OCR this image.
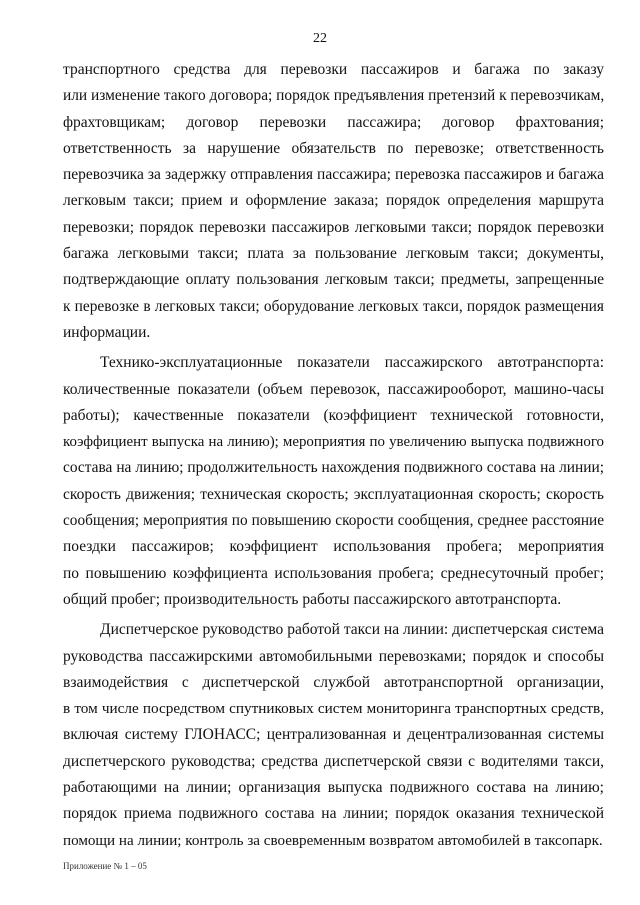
22
транспортного средства для перевозки пассажиров и багажа по заказу
или изменение такого договора; порядок предъявления претензий к перевозчикам,
фрахтовщикам; договор перевозки пассажира; договор фрахтования;
ответственность за нарушение обязательств по перевозке; ответственность
перевозчика за задержку отправления пассажира; перевозка пассажиров и багажа
легковым такси; прием и оформление заказа; порядок определения маршрута
перевозки; порядок перевозки пассажиров легковыми такси; порядок перевозки
багажа легковыми такси; плата за пользование легковым такси; документы,
подтверждающие оплату пользования легковым такси; предметы, запрещенные
к перевозке в легковых такси; оборудование легковых такси, порядок размещения
информации.
Технико-эксплуатационные показатели пассажирского автотранспорта:
количественные показатели (объем перевозок, пассажирооборот, машино-часы
работы); качественные показатели (коэффициент технической готовности,
коэффициент выпуска на линию); мероприятия по увеличению выпуска подвижного
состава на линию; продолжительность нахождения подвижного состава на линии;
скорость движения; техническая скорость; эксплуатационная скорость; скорость
сообщения; мероприятия по повышению скорости сообщения, среднее расстояние
поездки пассажиров; коэффициент использования пробега; мероприятия
по повышению коэффициента использования пробега; среднесуточный пробег;
общий пробег; производительность работы пассажирского автотранспорта.
Диспетчерское руководство работой такси на линии: диспетчерская система
руководства пассажирскими автомобильными перевозками; порядок и способы
взаимодействия с диспетчерской службой автотранспортной организации,
в том числе посредством спутниковых систем мониторинга транспортных средств,
включая систему ГЛОНАСС; централизованная и децентрализованная системы
диспетчерского руководства; средства диспетчерской связи с водителями такси,
работающими на линии; организация выпуска подвижного состава на линию;
порядок приема подвижного состава на линии; порядок оказания технической
помощи на линии; контроль за своевременным возвратом автомобилей в таксопарк.
Приложение № 1 – 05
